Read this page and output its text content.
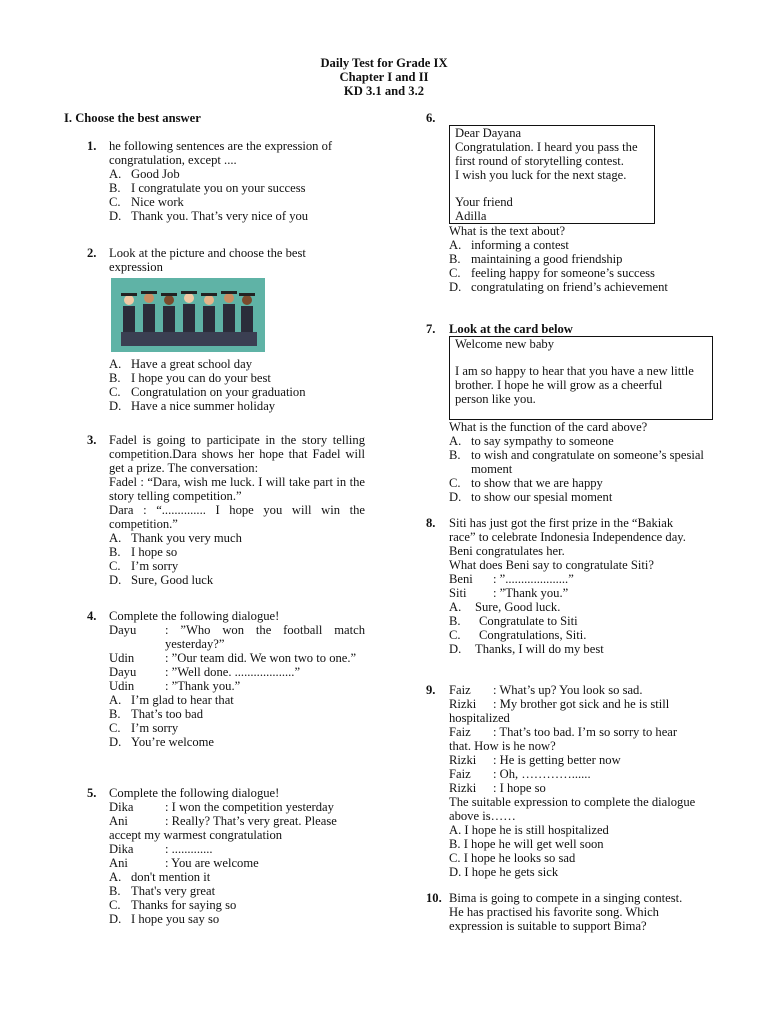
Daily Test for Grade IX
Chapter I and II
KD 3.1 and 3.2
I. Choose the best answer
1. he following sentences are the expression of congratulation, except ....
A. Good Job
B. I congratulate you on your success
C. Nice work
D. Thank you. That’s very nice of you
2. Look at the picture and choose the best expression
A. Have a great school day
B. I hope you can do your best
C. Congratulation on your graduation
D. Have a nice summer holiday
3. Fadel is going to participate in the story telling competition.Dara shows her hope that Fadel will get a prize. The conversation:
Fadel : “Dara, wish me luck. I will take part in the story telling competition.”
Dara : “.............. I hope you will win the competition.”
A. Thank you very much
B. I hope so
C. I’m sorry
D. Sure, Good luck
4. Complete the following dialogue!
Dayu : ”Who won the football match yesterday?”
Udin : ”Our team did. We won two to one.”
Dayu : ”Well done. ...................”
Udin : ”Thank you.”
A. I’m glad to hear that
B. That’s too bad
C. I’m sorry
D. You’re welcome
5. Complete the following dialogue!
Dika	: I won the competition yesterday
Ani	: Really? That’s very great. Please accept my warmest congratulation
Dika	: .............
Ani	: You are welcome
A. don't mention it
B. That's very great
C. Thanks for saying so
D. I hope you say so
6.
Dear Dayana
Congratulation. I heard you pass the first round of storytelling contest.
I wish you luck for the next stage.
Your friend
Adilla
What is the text about?
A. informing a contest
B. maintaining a good friendship
C. feeling happy for someone’s success
D. congratulating on friend’s achievement
7. Look at the card below
Welcome new baby
I am so happy to hear that you have a new little brother. I hope he will grow as a cheerful person like you.
What is the function of the card above?
A. to say sympathy to someone
B. to wish and congratulate on someone’s spesial moment
C. to show that we are happy
D. to show our spesial moment
8. Siti has just got the first prize in the “Bakiak race” to celebrate Indonesia Independence day.
Beni congratulates her.
What does Beni say to congratulate Siti?
Beni : ”....................”
Siti : ”Thank you.”
A. Sure, Good luck.
B. Congratulate to Siti
C. Congratulations, Siti.
D. Thanks, I will do my best
9. Faiz : What’s up? You look so sad.
Rizki : My brother got sick and he is still hospitalized
Faiz : That’s too bad. I’m so sorry to hear that. How is he now?
Rizki : He is getting better now
Faiz : Oh, …………......
Rizki : I hope so
The suitable expression to complete the dialogue above is……
A. I hope he is still hospitalized
B. I hope he will get well soon
C. I hope he looks so sad
D. I hope he gets sick
10. Bima is going to compete in a singing contest. He has practised his favorite song. Which expression is suitable to support Bima?
